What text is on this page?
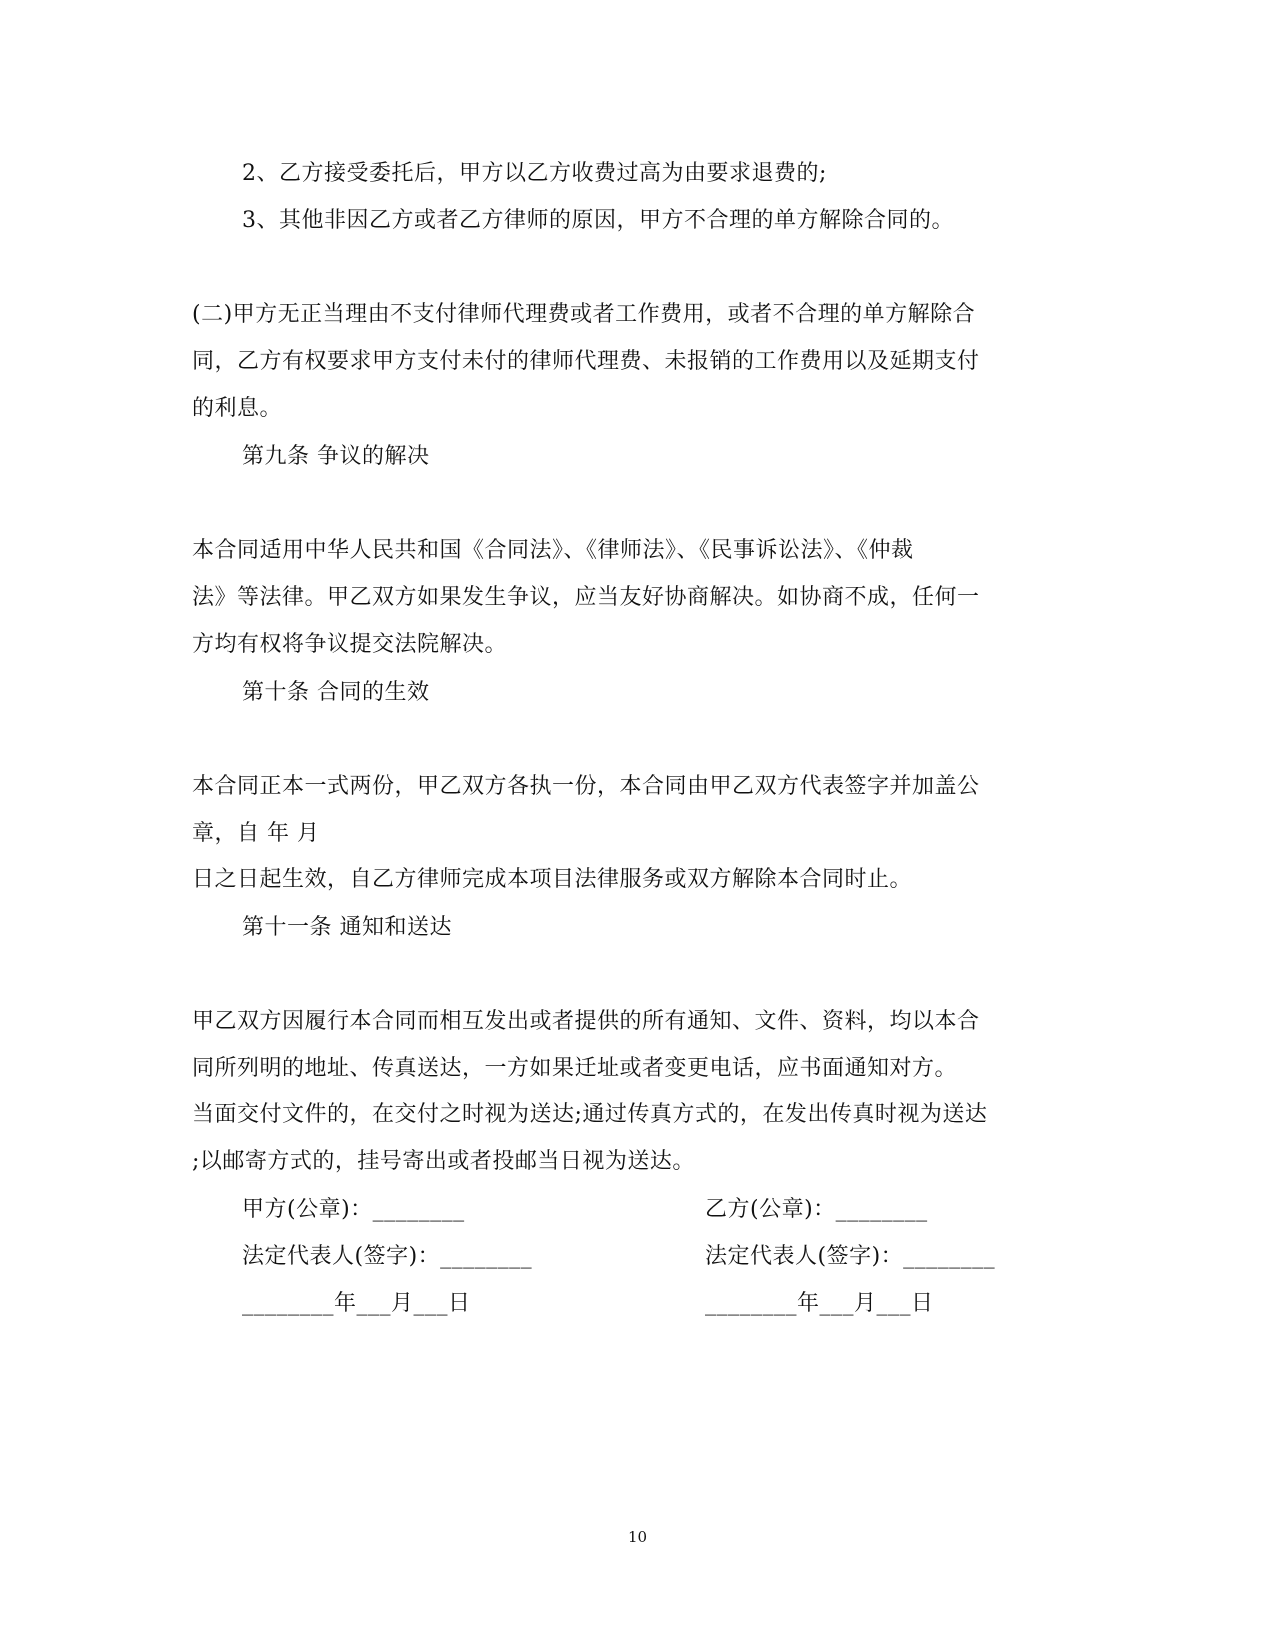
2、乙方接受委托后，甲方以乙方收费过高为由要求退费的;
3、其他非因乙方或者乙方律师的原因，甲方不合理的单方解除合同的。
(二)甲方无正当理由不支付律师代理费或者工作费用，或者不合理的单方解除合
同，乙方有权要求甲方支付未付的律师代理费、未报销的工作费用以及延期支付
的利息。
第九条 争议的解决
本合同适用中华人民共和国《合同法》、《律师法》、《民事诉讼法》、《仲裁
法》等法律。甲乙双方如果发生争议，应当友好协商解决。如协商不成，任何一
方均有权将争议提交法院解决。
第十条 合同的生效
本合同正本一式两份，甲乙双方各执一份，本合同由甲乙双方代表签字并加盖公
章，自 年 月
日之日起生效，自乙方律师完成本项目法律服务或双方解除本合同时止。
第十一条 通知和送达
甲乙双方因履行本合同而相互发出或者提供的所有通知、文件、资料，均以本合
同所列明的地址、传真送达，一方如果迁址或者变更电话，应书面通知对方。
当面交付文件的，在交付之时视为送达;通过传真方式的，在发出传真时视为送达
;以邮寄方式的，挂号寄出或者投邮当日视为送达。
甲方(公章)：________	乙方(公章)：________
法定代表人(签字)：________	法定代表人(签字)：________
________年___月___日	________年___月___日
10
